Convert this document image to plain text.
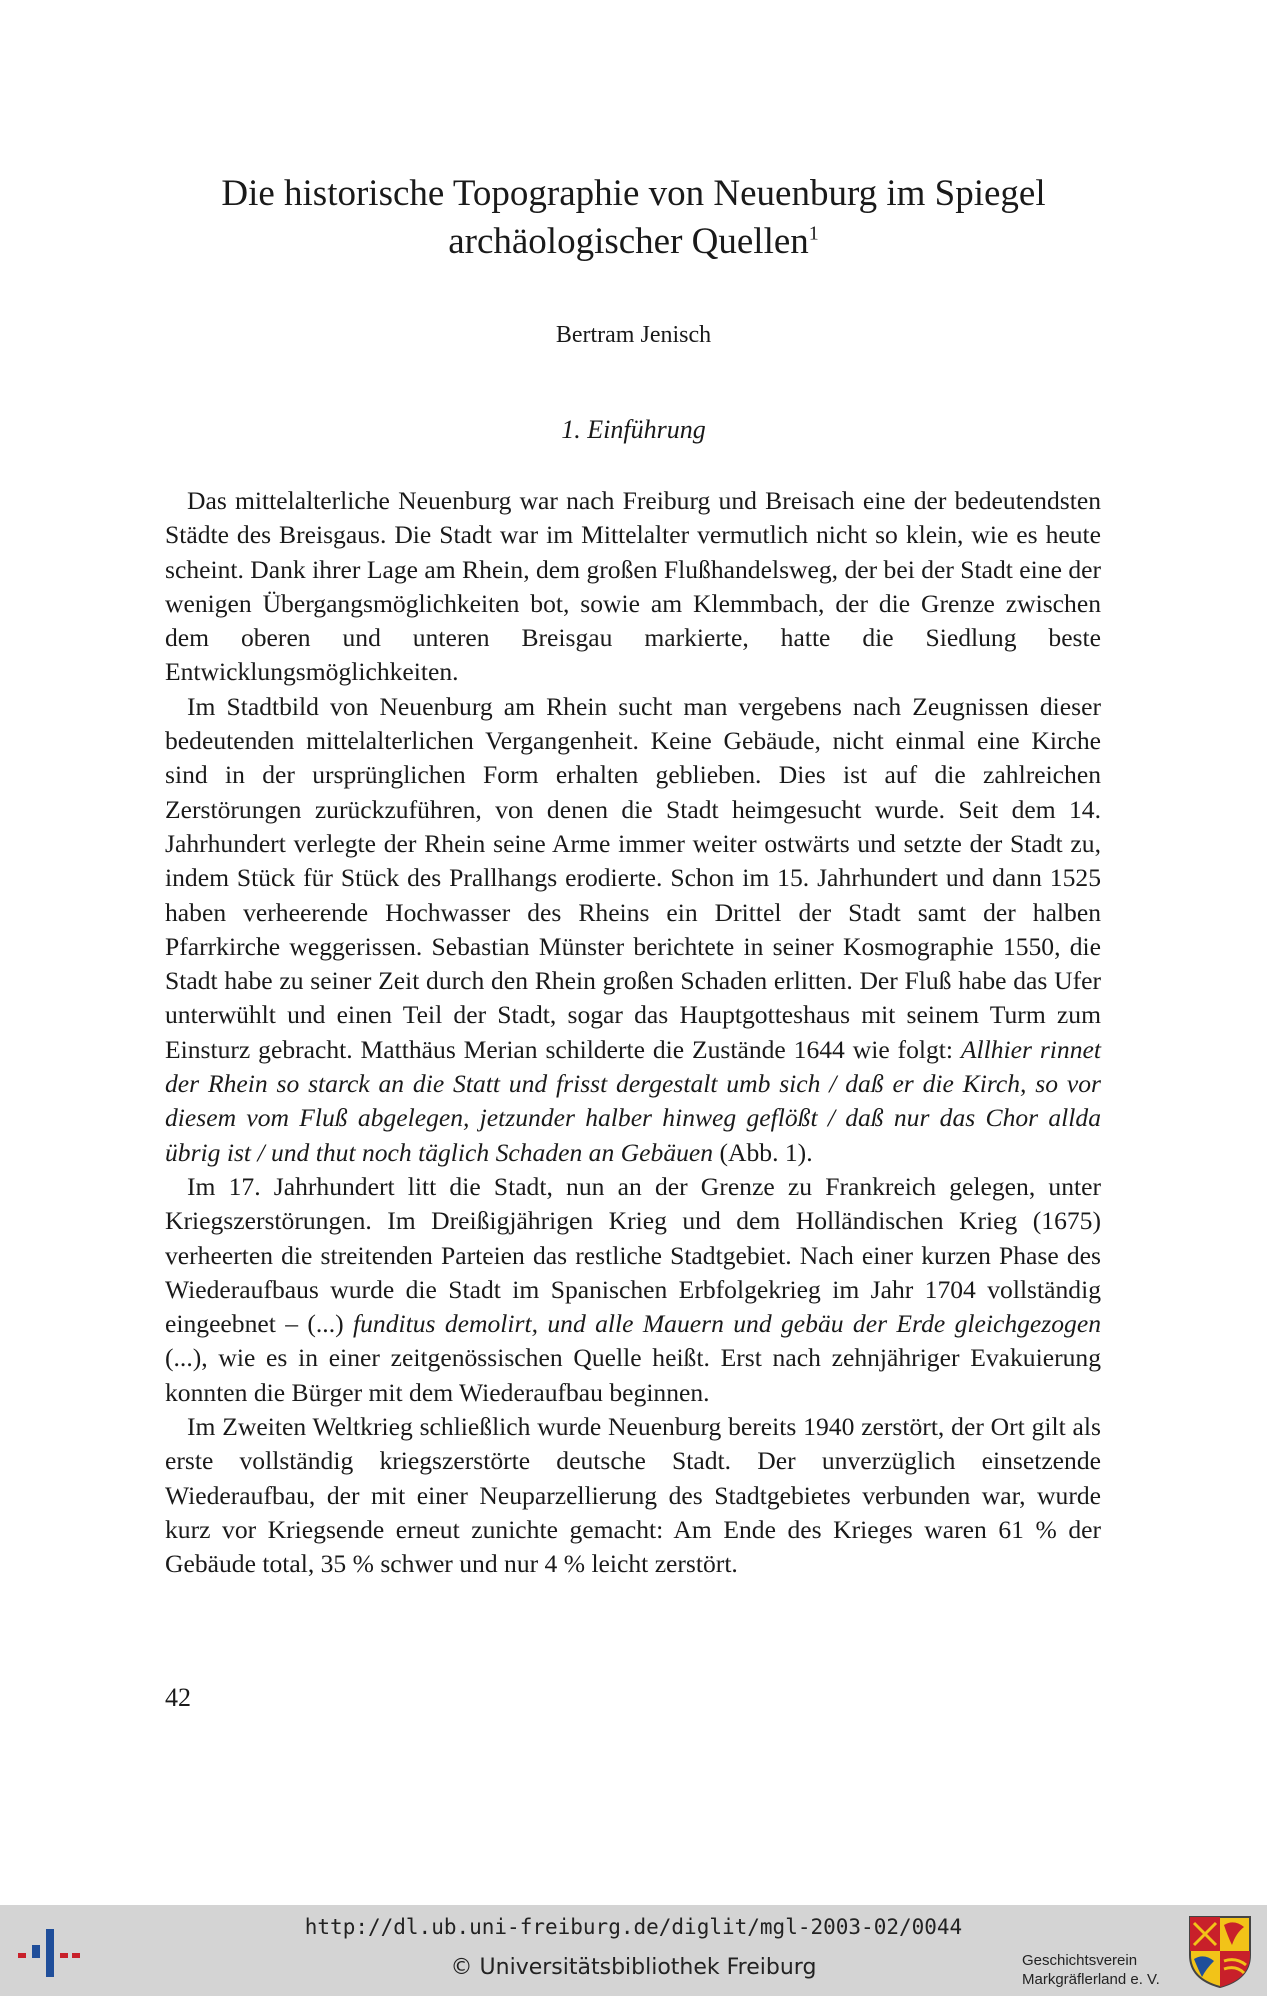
Die historische Topographie von Neuenburg im Spiegel
archäologischer Quellen$^1$
Bertram Jenisch
1. Einführung

Das mittelalterliche Neuenburg war nach Freiburg und Breisach eine der bedeutendsten Städte des Breisgaus. Die Stadt war im Mittelalter vermutlich nicht so klein, wie es heute scheint. Dank ihrer Lage am Rhein, dem großen Flußhandelsweg, der bei der Stadt eine der wenigen Übergangsmöglichkeiten bot, sowie am Klemmbach, der die Grenze zwischen dem oberen und unteren Breisgau markierte, hatte die Siedlung beste Entwicklungsmöglichkeiten.

Im Stadtbild von Neuenburg am Rhein sucht man vergebens nach Zeugnissen dieser bedeutenden mittelalterlichen Vergangenheit. Keine Gebäude, nicht einmal eine Kirche sind in der ursprünglichen Form erhalten geblieben. Dies ist auf die zahlreichen Zerstörungen zurückzuführen, von denen die Stadt heimgesucht wurde. Seit dem 14. Jahrhundert verlegte der Rhein seine Arme immer weiter ostwärts und setzte der Stadt zu, indem Stück für Stück des Prallhangs erodierte. Schon im 15. Jahrhundert und dann 1525 haben verheerende Hochwasser des Rheins ein Drittel der Stadt samt der halben Pfarrkirche weggerissen. Sebastian Münster berichtete in seiner Kosmographie 1550, die Stadt habe zu seiner Zeit durch den Rhein großen Schaden erlitten. Der Fluß habe das Ufer unterwühlt und einen Teil der Stadt, sogar das Hauptgotteshaus mit seinem Turm zum Einsturz gebracht. Matthäus Merian schilderte die Zustände 1644 wie folgt: Allhier rinnet der Rhein so starck an die Statt und frisst dergestalt umb sich / daß er die Kirch, so vor diesem vom Fluß abgelegen, jetzunder halber hinweg geflößt / daß nur das Chor allda übrig ist / und thut noch täglich Schaden an Gebäuen (Abb. 1).

Im 17. Jahrhundert litt die Stadt, nun an der Grenze zu Frankreich gelegen, unter Kriegszerstörungen. Im Dreißigjährigen Krieg und dem Holländischen Krieg (1675) verheerten die streitenden Parteien das restliche Stadtgebiet. Nach einer kurzen Phase des Wiederaufbaus wurde die Stadt im Spanischen Erbfolgekrieg im Jahr 1704 vollständig eingeebnet – (...) funditus demolirt, und alle Mauern und gebäu der Erde gleichgezogen (...), wie es in einer zeitgenössischen Quelle heißt. Erst nach zehnjähriger Evakuierung konnten die Bürger mit dem Wiederaufbau beginnen.

Im Zweiten Weltkrieg schließlich wurde Neuenburg bereits 1940 zerstört, der Ort gilt als erste vollständig kriegszerstörte deutsche Stadt. Der unverzüglich einsetzende Wiederaufbau, der mit einer Neuparzellierung des Stadtgebietes verbunden war, wurde kurz vor Kriegsende erneut zunichte gemacht: Am Ende des Krieges waren 61 % der Gebäude total, 35 % schwer und nur 4 % leicht zerstört.

42
http://dl.ub.uni-freiburg.de/diglit/mgl-2003-02/0044
© Universitätsbibliothek Freiburg	Geschichtsverein
Markgräflerland e. V.
